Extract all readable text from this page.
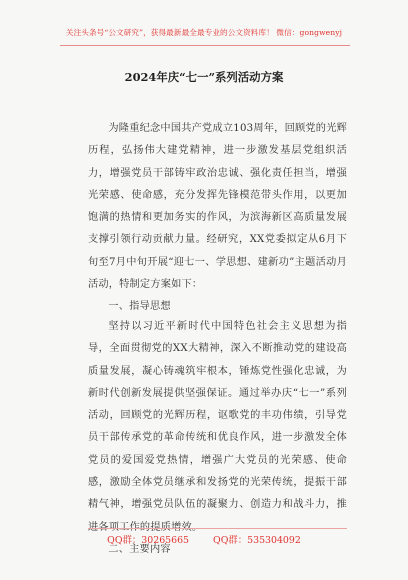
关注头条号“公文研究”，获得最新最全最专业的公文资料库！ 微信：gongwenyj
2024年庆“七一”系列活动方案

为隆重纪念中国共产党成立103周年，回顾党的光辉历程，弘扬伟大建党精神，进一步激发基层党组织活力，增强党员干部铸牢政治忠诚、强化责任担当，增强光荣感、使命感，充分发挥先锋模范带头作用，以更加饱满的热情和更加务实的作风，为滨海新区高质量发展支撑引领行动贡献力量。经研究，XX党委拟定从6月下旬至7月中旬开展“迎七一、学思想、建新功”主题活动月活动，特制定方案如下：

一、指导思想

坚持以习近平新时代中国特色社会主义思想为指导，全面贯彻党的XX大精神，深入不断推动党的建设高质量发展，凝心铸魂筑牢根本，锤炼党性强化忠诚，为新时代创新发展提供坚强保证。通过举办庆“七一”系列活动，回顾党的光辉历程，讴歌党的丰功伟绩，引导党员干部传承党的革命传统和优良作风，进一步激发全体党员的爱国爱党热情，增强广大党员的光荣感、使命感，激励全体党员继承和发扬党的光荣传统，提振干部精气神，增强党员队伍的凝聚力、创造力和战斗力，推

二、主要内容

QQ群：30265665	QQ群：535304092
